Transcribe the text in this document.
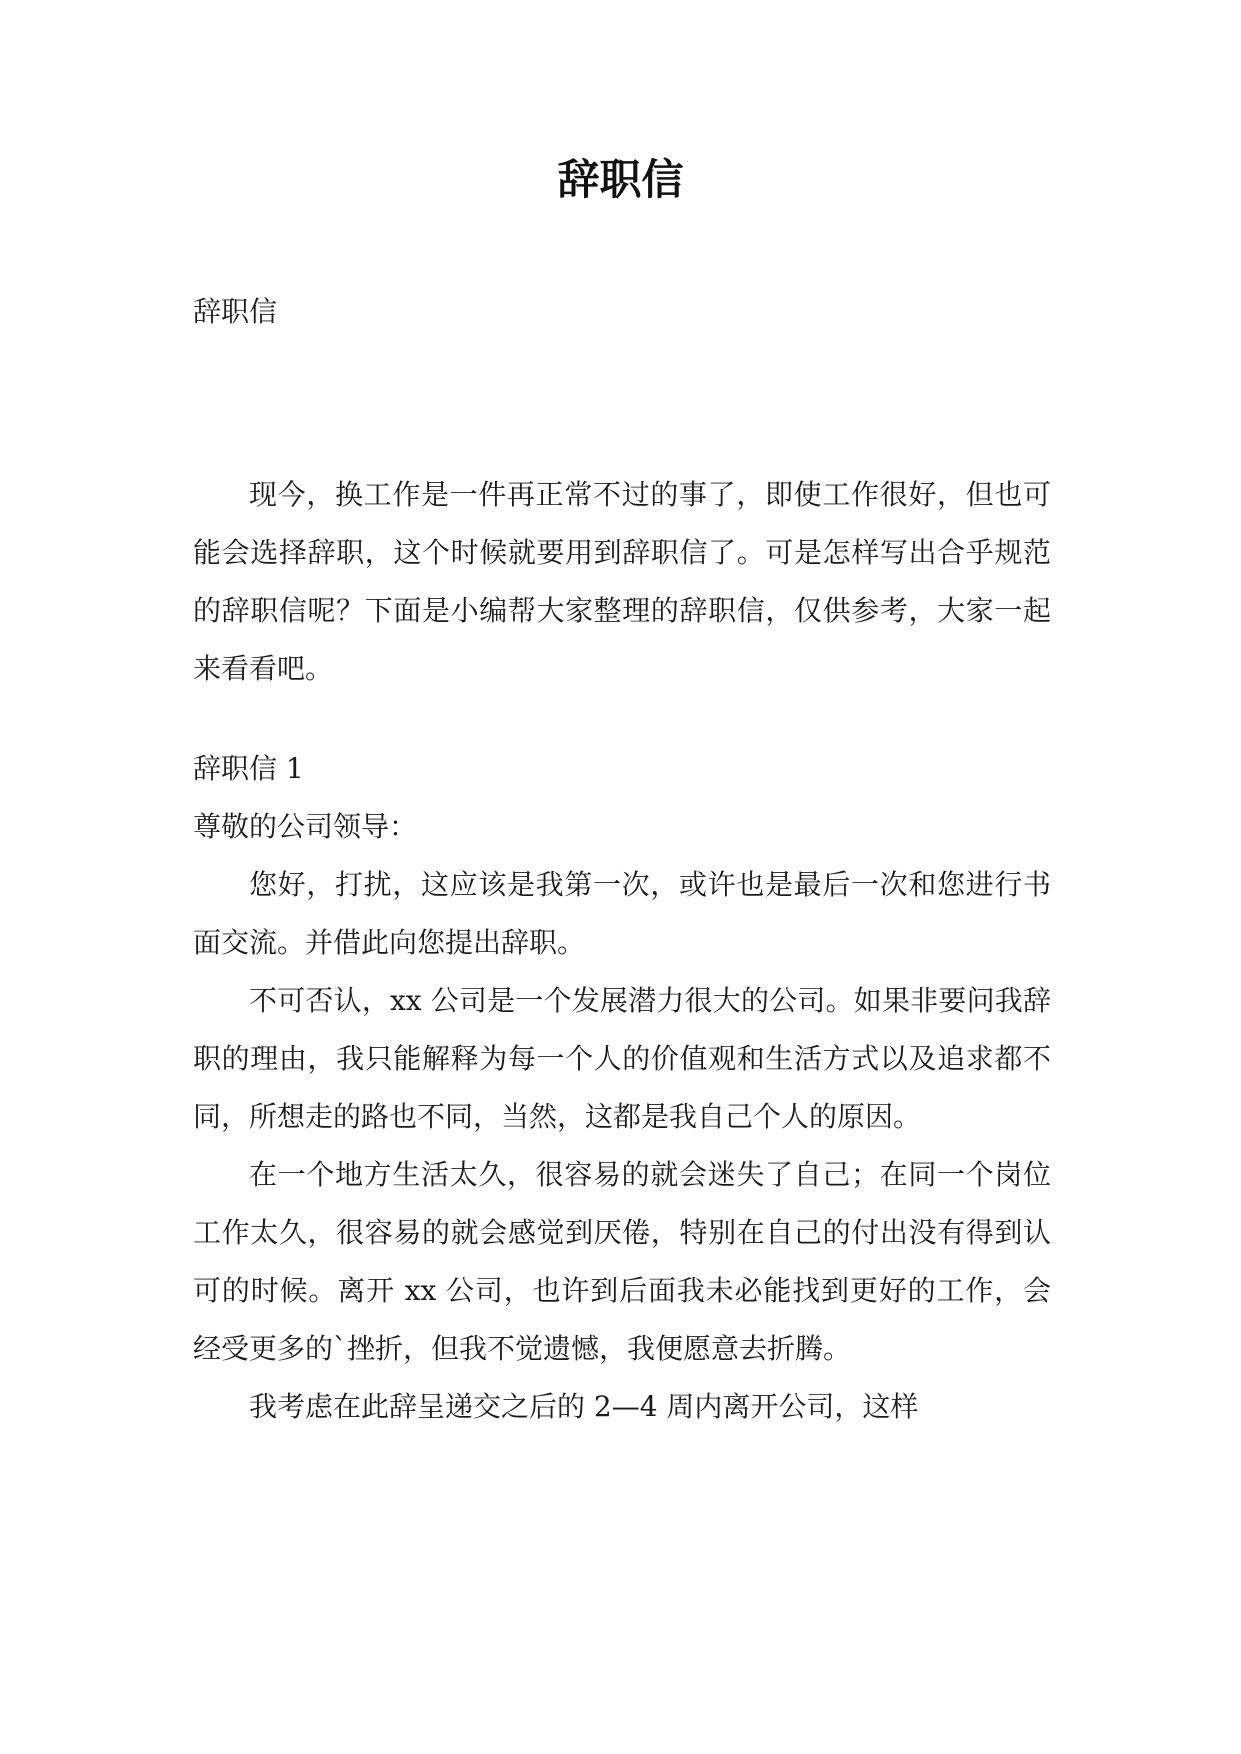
辞职信

辞职信

现今，换工作是一件再正常不过的事了，即使工作很好，但也可能会选择辞职，这个时候就要用到辞职信了。可是怎样写出合乎规范的辞职信呢？下面是小编帮大家整理的辞职信，仅供参考，大家一起来看看吧。

辞职信 1

尊敬的公司领导：

您好，打扰，这应该是我第一次，或许也是最后一次和您进行书面交流。并借此向您提出辞职。

不可否认，xx 公司是一个发展潜力很大的公司。如果非要问我辞职的理由，我只能解释为每一个人的价值观和生活方式以及追求都不同，所想走的路也不同，当然，这都是我自己个人的原因。

在一个地方生活太久，很容易的就会迷失了自己；在同一个岗位工作太久，很容易的就会感觉到厌倦，特别在自己的付出没有得到认可的时候。离开 xx 公司，也许到后面我未必能找到更好的工作，会经受更多的`挫折，但我不觉遗憾，我便愿意去折腾。

我考虑在此辞呈递交之后的 2—4 周内离开公司，这样
